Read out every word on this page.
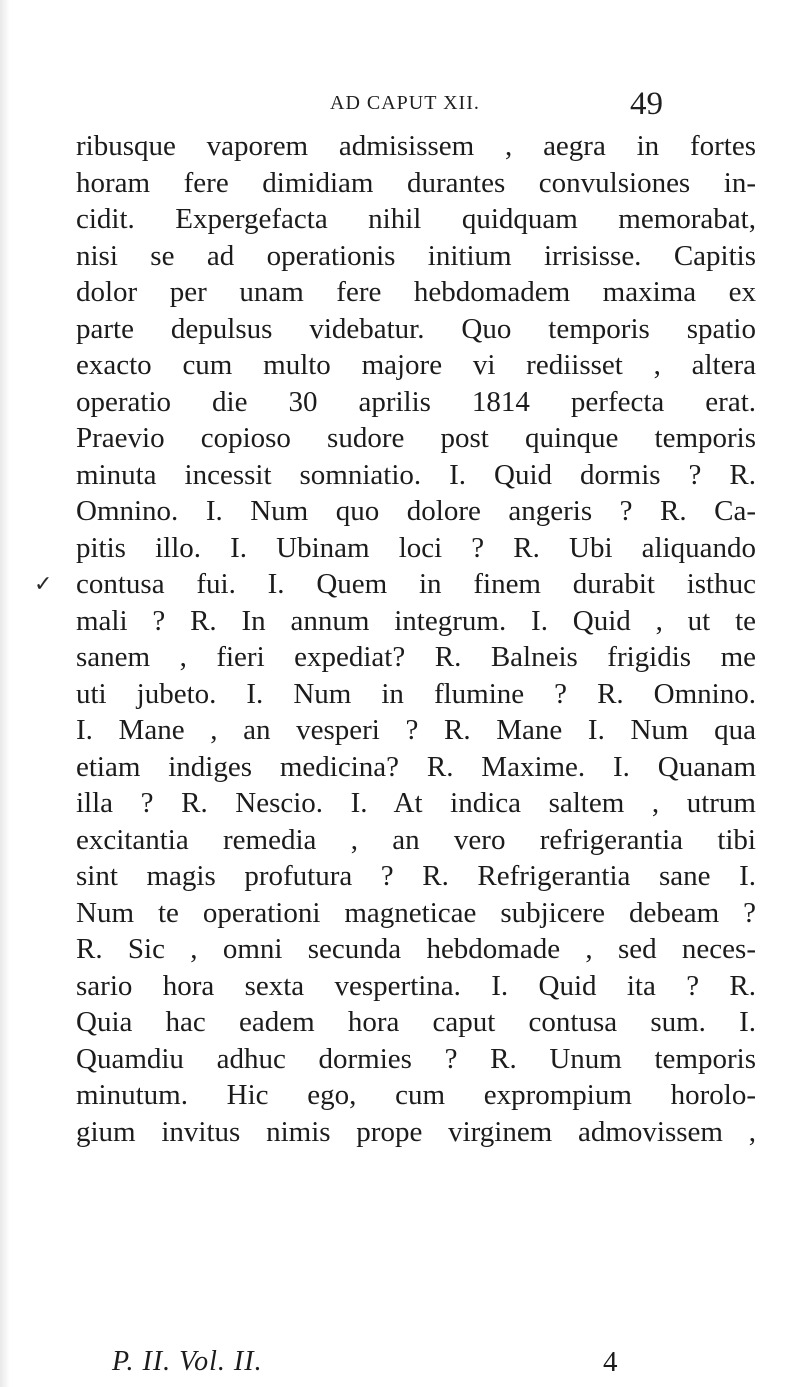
AD CAPUT XII.	49
✓
ribusque vaporem admisissem , aegra in fortes
horam fere dimidiam durantes convulsiones in-
cidit. Expergefacta nihil quidquam memorabat,
nisi se ad operationis initium irrisisse. Capitis
dolor per unam fere hebdomadem maxima ex
parte depulsus videbatur. Quo temporis spatio
exacto cum multo majore vi rediisset , altera
operatio die 30 aprilis 1814 perfecta erat.
Praevio copioso sudore post quinque temporis
minuta incessit somniatio. I. Quid dormis ? R.
Omnino. I. Num quo dolore angeris ? R. Ca-
pitis illo. I. Ubinam loci ? R. Ubi aliquando
contusa fui. I. Quem in finem durabit isthuc
mali ? R. In annum integrum. I. Quid , ut te
sanem , fieri expediat? R. Balneis frigidis me
uti jubeto. I. Num in flumine ? R. Omnino.
I. Mane , an vesperi ? R. Mane I. Num qua
etiam indiges medicina? R. Maxime. I. Quanam
illa ? R. Nescio. I. At indica saltem , utrum
excitantia remedia , an vero refrigerantia tibi
sint magis profutura ? R. Refrigerantia sane I.
Num te operationi magneticae subjicere debeam ?
R. Sic , omni secunda hebdomade , sed neces-
sario hora sexta vespertina. I. Quid ita ? R.
Quia hac eadem hora caput contusa sum. I.
Quamdiu adhuc dormies ? R. Unum temporis
minutum. Hic ego, cum exprompium horolo-
gium invitus nimis prope virginem admovissem ,
P. II. Vol. II.	4
